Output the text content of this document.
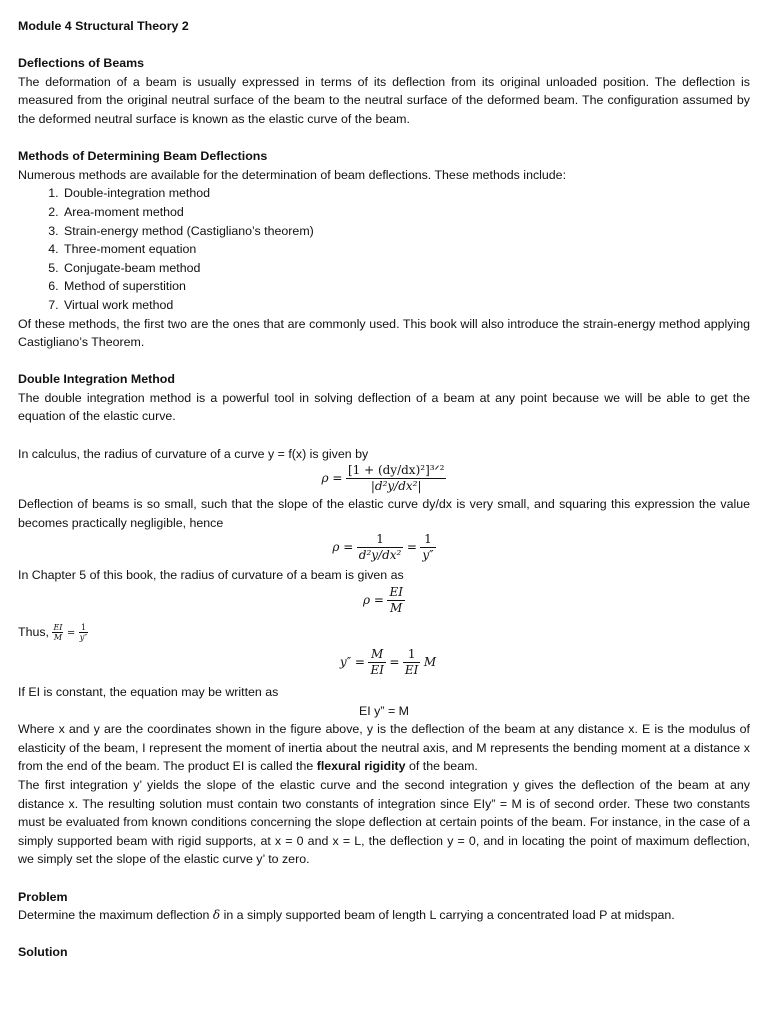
Module 4 Structural Theory 2
Deflections of Beams
The deformation of a beam is usually expressed in terms of its deflection from its original unloaded position. The deflection is measured from the original neutral surface of the beam to the neutral surface of the deformed beam. The configuration assumed by the deformed neutral surface is known as the elastic curve of the beam.
Methods of Determining Beam Deflections
Numerous methods are available for the determination of beam deflections. These methods include:
1. Double-integration method
2. Area-moment method
3. Strain-energy method (Castigliano’s theorem)
4. Three-moment equation
5. Conjugate-beam method
6. Method of superstition
7. Virtual work method
Of these methods, the first two are the ones that are commonly used. This book will also introduce the strain-energy method applying Castigliano’s Theorem.
Double Integration Method
The double integration method is a powerful tool in solving deflection of a beam at any point because we will be able to get the equation of the elastic curve.
In calculus, the radius of curvature of a curve y = f(x) is given by
$\rho = \frac{\text{[1 + (dy/dx)²]³ᐟ²}}{\text{|d²y/dx²|}}$
Deflection of beams is so small, such that the slope of the elastic curve dy/dx is very small, and squaring this expression the value becomes practically negligible, hence
$\rho = \frac{1}{\text{d²y/dx²}} = \frac{1}{y''}$
In Chapter 5 of this book, the radius of curvature of a beam is given as
$\rho = \frac{EI}{M}$
Thus, $\frac{EI}{M} = \frac{1}{y''}$
$y'' = \frac{M}{EI} = \frac{1}{EI}$ M
If EI is constant, the equation may be written as
EI y” = M
Where x and y are the coordinates shown in the figure above, y is the deflection of the beam at any distance x. E is the modulus of elasticity of the beam, I represent the moment of inertia about the neutral axis, and M represents the bending moment at a distance x from the end of the beam. The product EI is called the flexural rigidity of the beam.
The first integration y’ yields the slope of the elastic curve and the second integration y gives the deflection of the beam at any distance x. The resulting solution must contain two constants of integration since EIy” = M is of second order. These two constants must be evaluated from known conditions concerning the slope deflection at certain points of the beam. For instance, in the case of a simply supported beam with rigid supports, at x = 0 and x = L, the deflection y = 0, and in locating the point of maximum deflection, we simply set the slope of the elastic curve y’ to zero.
Problem
Determine the maximum deflection δ in a simply supported beam of length L carrying a concentrated load P at midspan.
Solution
